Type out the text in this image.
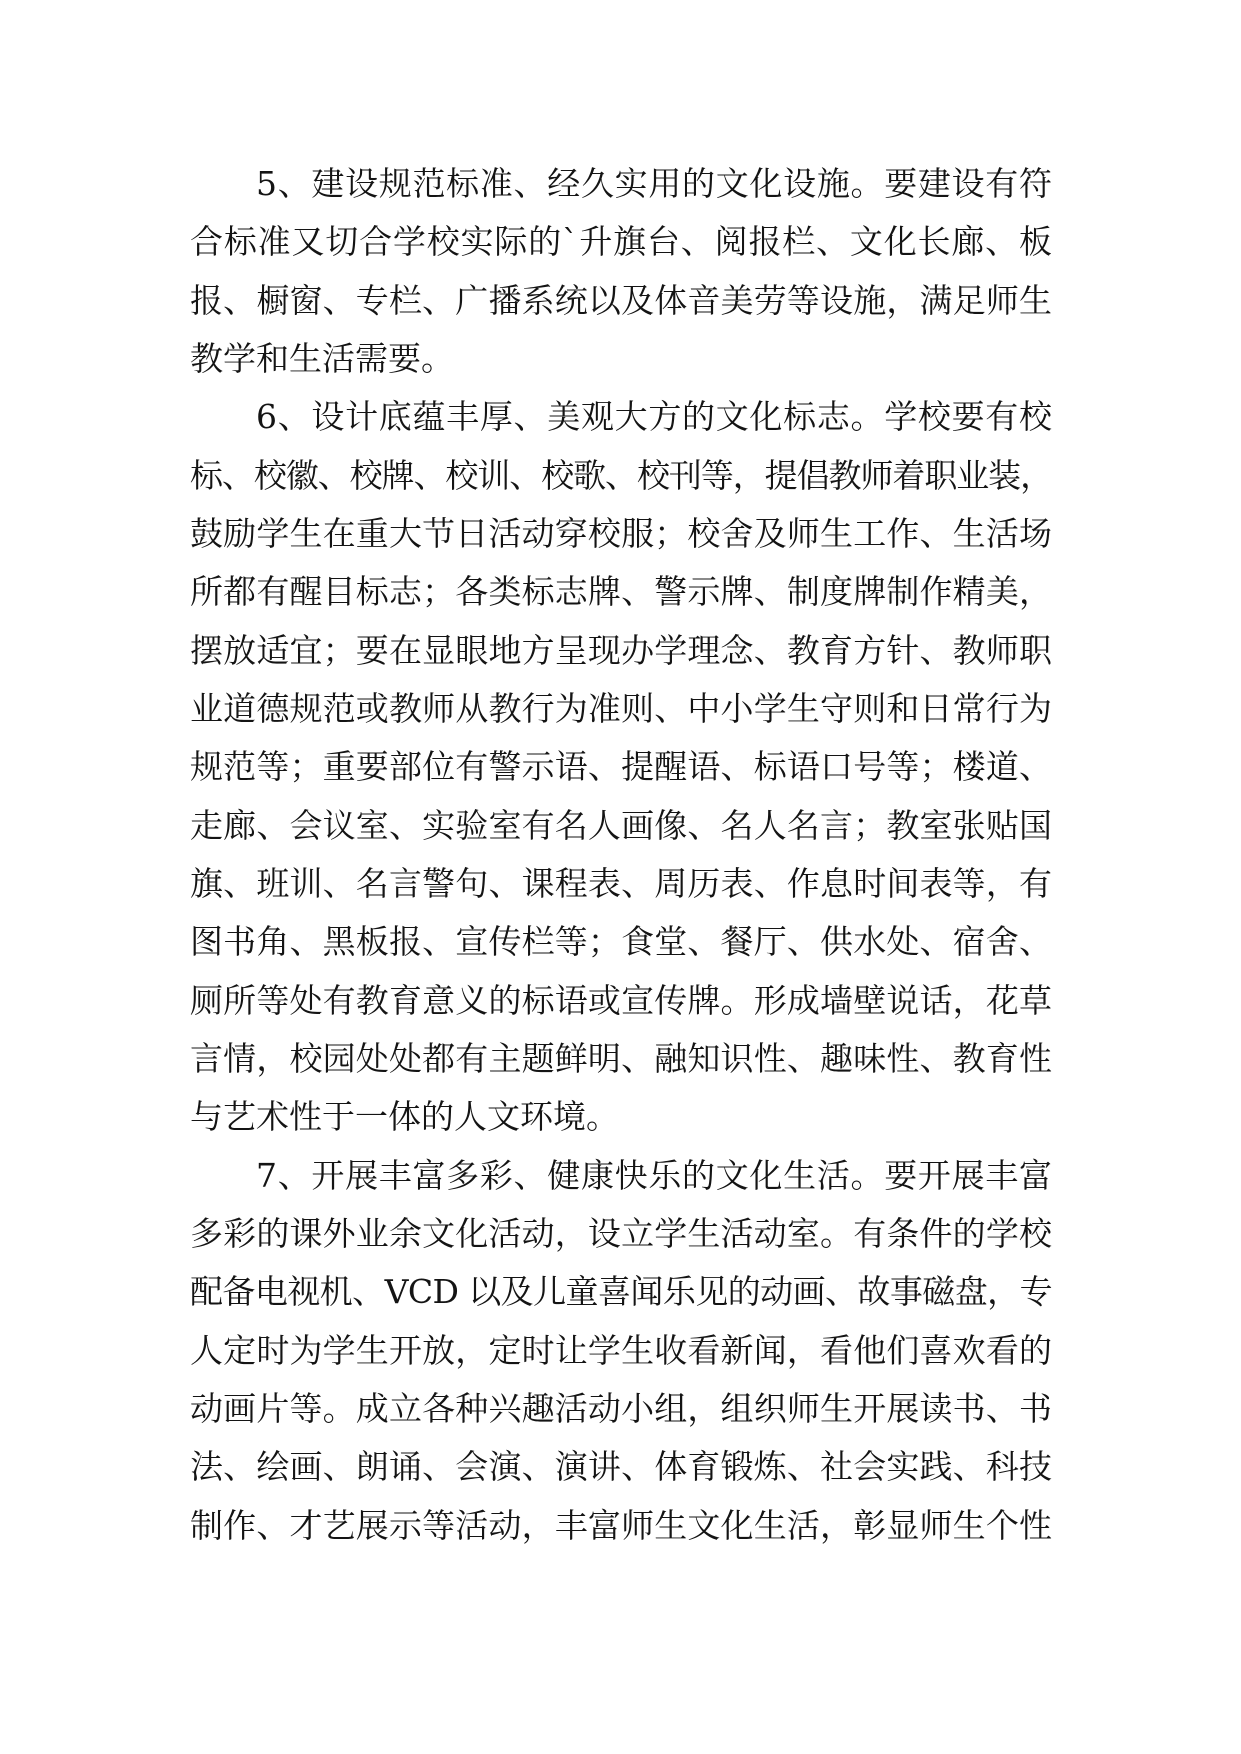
5、建设规范标准、经久实用的文化设施。要建设有符
合标准又切合学校实际的`升旗台、阅报栏、文化长廊、板
报、橱窗、专栏、广播系统以及体音美劳等设施，满足师生
教学和生活需要。
6、设计底蕴丰厚、美观大方的文化标志。学校要有校
标、校徽、校牌、校训、校歌、校刊等，提倡教师着职业装，
鼓励学生在重大节日活动穿校服；校舍及师生工作、生活场
所都有醒目标志；各类标志牌、警示牌、制度牌制作精美，
摆放适宜；要在显眼地方呈现办学理念、教育方针、教师职
业道德规范或教师从教行为准则、中小学生守则和日常行为
规范等；重要部位有警示语、提醒语、标语口号等；楼道、
走廊、会议室、实验室有名人画像、名人名言；教室张贴国
旗、班训、名言警句、课程表、周历表、作息时间表等，有
图书角、黑板报、宣传栏等；食堂、餐厅、供水处、宿舍、
厕所等处有教育意义的标语或宣传牌。形成墙壁说话，花草
言情，校园处处都有主题鲜明、融知识性、趣味性、教育性
与艺术性于一体的人文环境。
7、开展丰富多彩、健康快乐的文化生活。要开展丰富
多彩的课外业余文化活动，设立学生活动室。有条件的学校
配备电视机、VCD 以及儿童喜闻乐见的动画、故事磁盘，专
人定时为学生开放，定时让学生收看新闻，看他们喜欢看的
动画片等。成立各种兴趣活动小组，组织师生开展读书、书
法、绘画、朗诵、会演、演讲、体育锻炼、社会实践、科技
制作、才艺展示等活动，丰富师生文化生活，彰显师生个性
